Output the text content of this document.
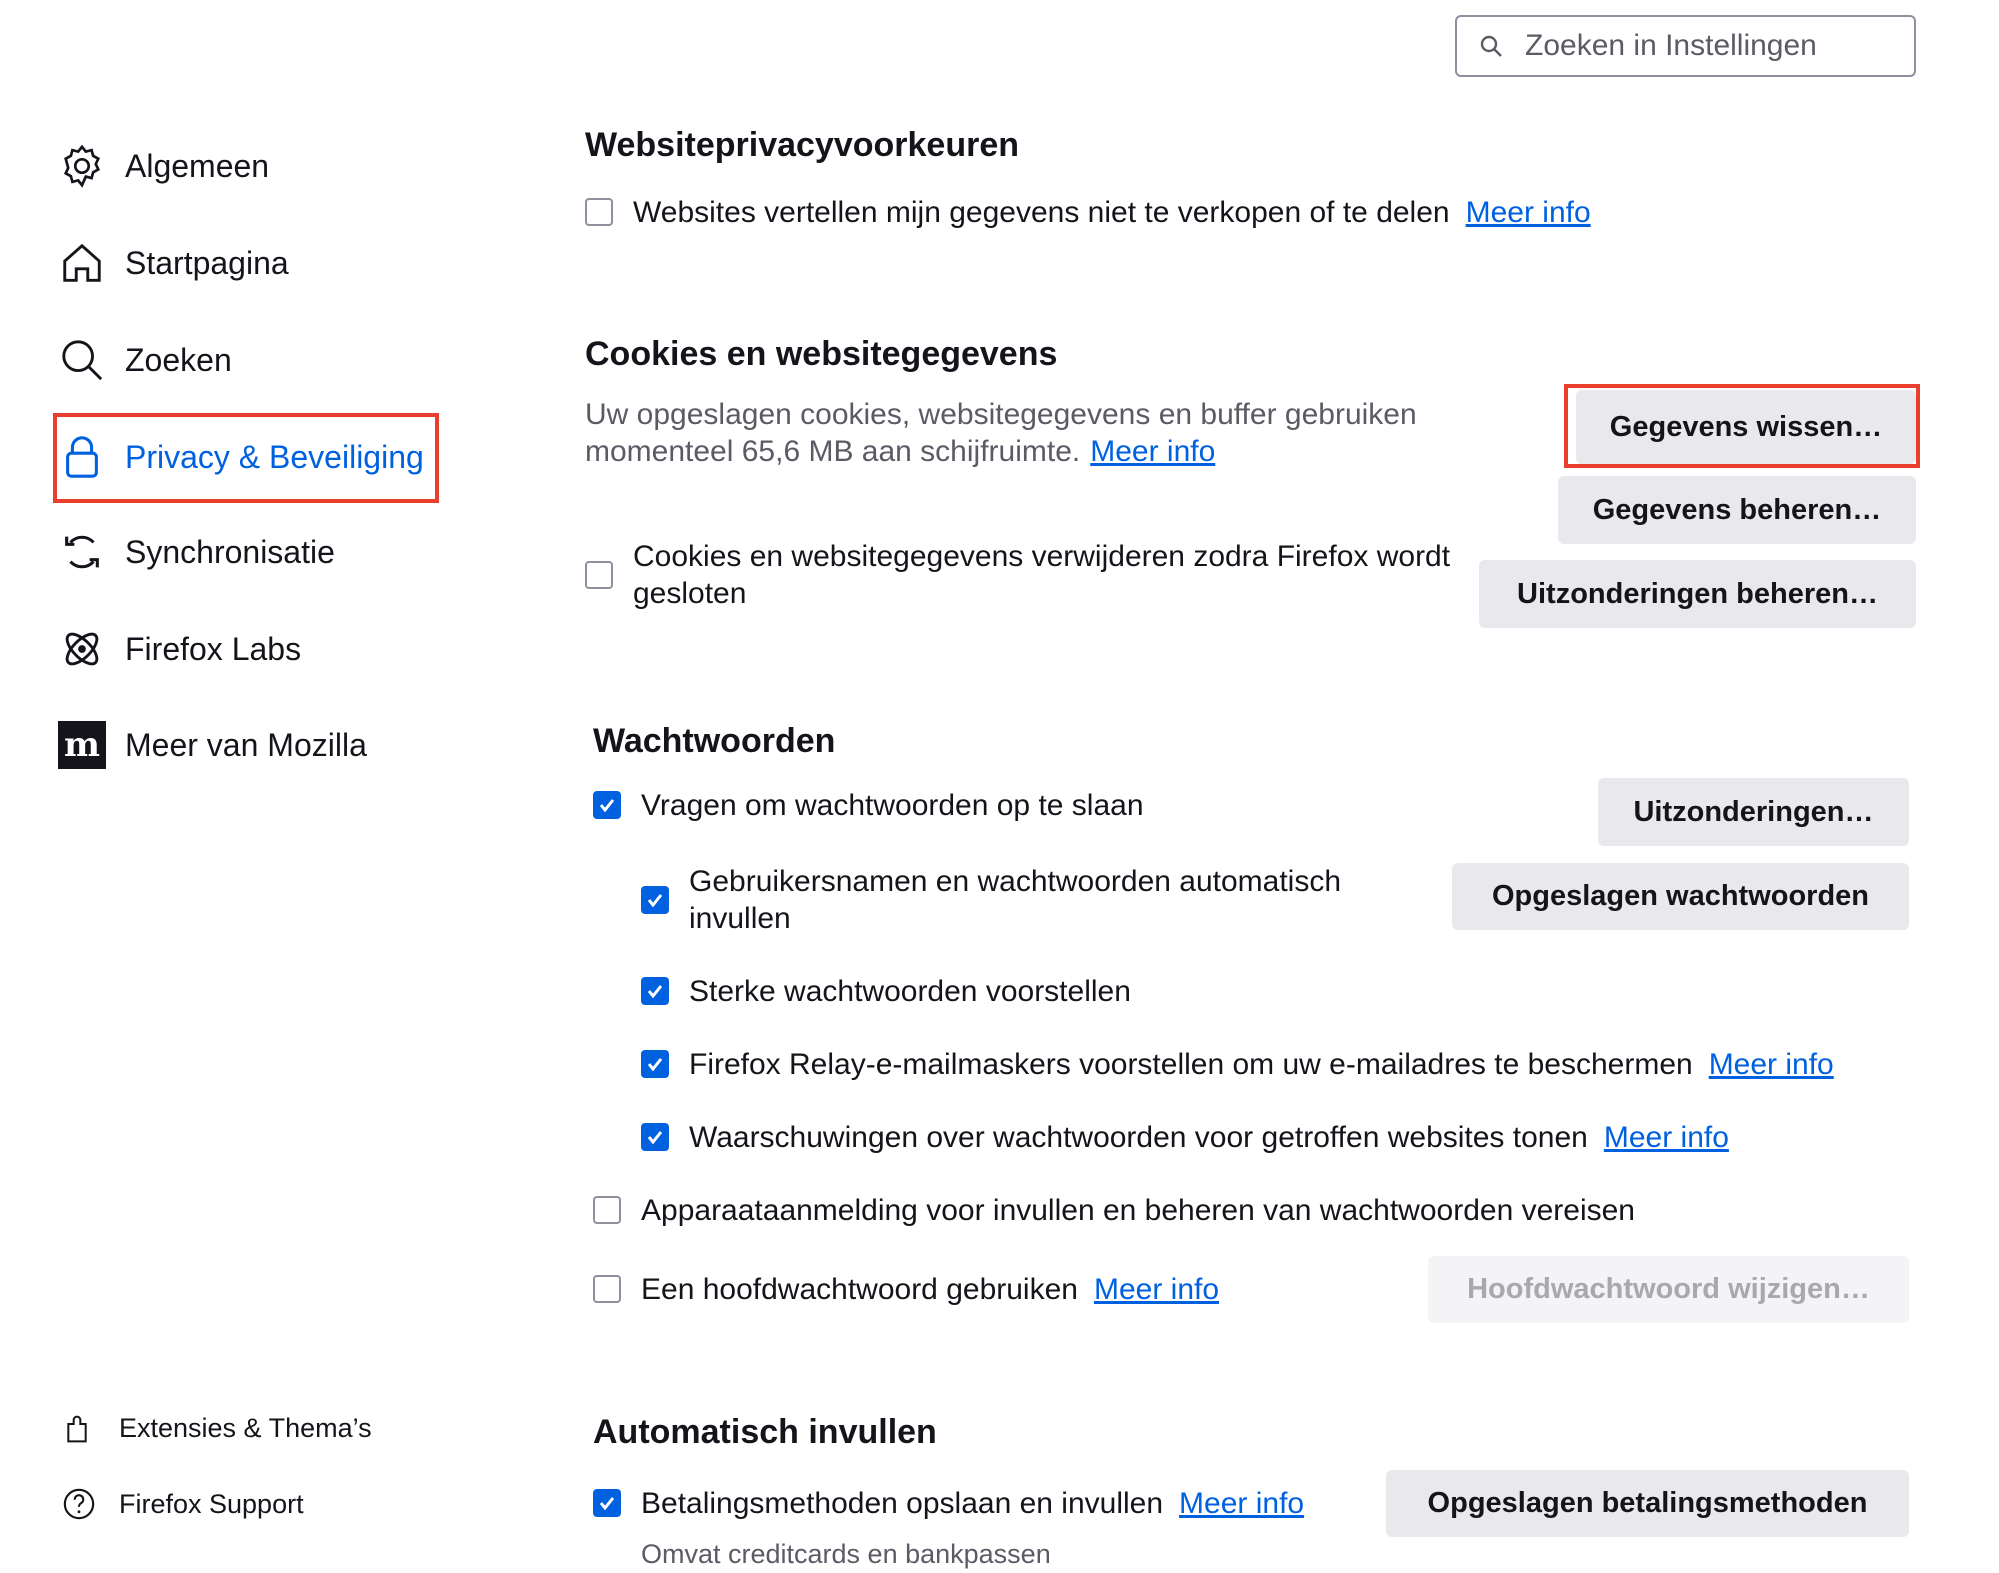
Zoeken in Instellingen
Algemeen
Startpagina
Zoeken
Privacy & Beveiliging
Synchronisatie
Firefox Labs
m Meer van Mozilla
Extensies & Thema’s
Firefox Support
Websiteprivacyvoorkeuren
Websites vertellen mijn gegevens niet te verkopen of te delen Meer info
Cookies en websitegegevens
Uw opgeslagen cookies, websitegegevens en buffer gebruiken
momenteel 65,6 MB aan schijfruimte. Meer info
Gegevens wissen…
Gegevens beheren…
Uitzonderingen beheren…
Cookies en websitegegevens verwijderen zodra Firefox wordt
gesloten
Wachtwoorden
Vragen om wachtwoorden op te slaan	Uitzonderingen…
Gebruikersnamen en wachtwoorden automatisch
invullen
Opgeslagen wachtwoorden
Sterke wachtwoorden voorstellen
Firefox Relay-e-mailmaskers voorstellen om uw e-mailadres te beschermen Meer info
Waarschuwingen over wachtwoorden voor getroffen websites tonen Meer info
Apparaataanmelding voor invullen en beheren van wachtwoorden vereisen
Een hoofdwachtwoord gebruiken Meer info	Hoofdwachtwoord wijzigen…
Automatisch invullen
Betalingsmethoden opslaan en invullen Meer info	Opgeslagen betalingsmethoden
Omvat creditcards en bankpassen
